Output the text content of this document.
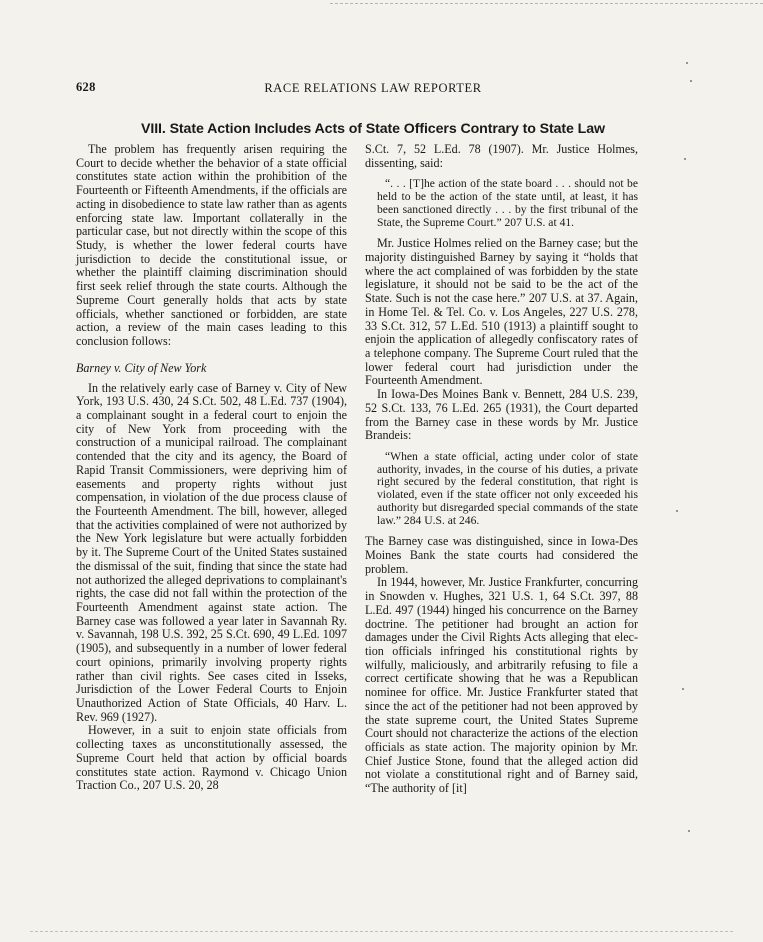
628	RACE RELATIONS LAW REPORTER
VIII. State Action Includes Acts of State Officers Contrary to State Law

The problem has frequently arisen requiring the Court to decide whether the behavior of a state official constitutes state action within the prohibition of the Fourteenth or Fifteenth Amendments, if the officials are acting in disobedience to state law rather than as agents enforcing state law. Important collaterally in the particular case, but not directly within the scope of this Study, is whether the lower federal courts have jurisdiction to decide the constitutional issue, or whether the plaintiff claiming discrimination should first seek relief through the state courts. Although the Supreme Court generally holds that acts by state officials, whether sanctioned or forbidden, are state action, a review of the main cases leading to this conclusion follows:

Barney v. City of New York

In the relatively early case of Barney v. City of New York, 193 U.S. 430, 24 S.Ct. 502, 48 L.Ed. 737 (1904), a complainant sought in a federal court to enjoin the city of New York from proceeding with the construction of a municipal railroad. The complainant contended that the city and its agency, the Board of Rapid Transit Commissioners, were depriving him of easements and property rights without just compensation, in violation of the due process clause of the Fourteenth Amendment. The bill, however, alleged that the activities complained of were not authorized by the New York legislature but were actually forbidden by it. The Supreme Court of the United States sustained the dismissal of the suit, finding that since the state had not authorized the alleged deprivations to complainant's rights, the case did not fall within the protection of the Fourteenth Amendment against state action. The Barney case was followed a year later in Savannah Ry. v. Savannah, 198 U.S. 392, 25 S.Ct. 690, 49 L.Ed. 1097 (1905), and subsequently in a number of lower federal court opinions, primarily involving property rights rather than civil rights. See cases cited in Isseks, Jurisdiction of the Lower Federal Courts to Enjoin Unauthorized Action of State Officials, 40 Harv. L. Rev. 969 (1927).

However, in a suit to enjoin state officials from collecting taxes as unconstitutionally assessed, the Supreme Court held that action by official boards constitutes state action. Raymond v. Chicago Union Traction Co., 207 U.S. 20, 28

S.Ct. 7, 52 L.Ed. 78 (1907). Mr. Justice Holmes, dissenting, said:

“. . . [T]he action of the state board . . . should not be held to be the action of the state until, at least, it has been sanctioned directly . . . by the first tribunal of the State, the Supreme Court.” 207 U.S. at 41.

Mr. Justice Holmes relied on the Barney case; but the majority distinguished Barney by saying it “holds that where the act complained of was forbidden by the state legislature, it should not be said to be the act of the State. Such is not the case here.” 207 U.S. at 37. Again, in Home Tel. & Tel. Co. v. Los Angeles, 227 U.S. 278, 33 S.Ct. 312, 57 L.Ed. 510 (1913) a plaintiff sought to enjoin the application of allegedly confiscatory rates of a telephone company. The Supreme Court ruled that the lower federal court had jurisdiction under the Fourteenth Amendment.

In Iowa-Des Moines Bank v. Bennett, 284 U.S. 239, 52 S.Ct. 133, 76 L.Ed. 265 (1931), the Court departed from the Barney case in these words by Mr. Justice Brandeis:

“When a state official, acting under color of state authority, invades, in the course of his duties, a private right secured by the federal constitution, that right is violated, even if the state officer not only exceeded his authority but disregarded special commands of the state law.” 284 U.S. at 246.

The Barney case was distinguished, since in Iowa-Des Moines Bank the state courts had considered the problem.

In 1944, however, Mr. Justice Frankfurter, concurring in Snowden v. Hughes, 321 U.S. 1, 64 S.Ct. 397, 88 L.Ed. 497 (1944) hinged his concurrence on the Barney doctrine. The petitioner had brought an action for damages under the Civil Rights Acts alleging that election officials infringed his constitutional rights by wilfully, maliciously, and arbitrarily refusing to file a correct certificate showing that he was a Republican nominee for office. Mr. Justice Frankfurter stated that since the act of the petitioner had not been approved by the state supreme court, the United States Supreme Court should not characterize the actions of the election officials as state action. The majority opinion by Mr. Chief Justice Stone, found that the alleged action did not violate a constitutional right and of Barney said, “The authority of [it]
